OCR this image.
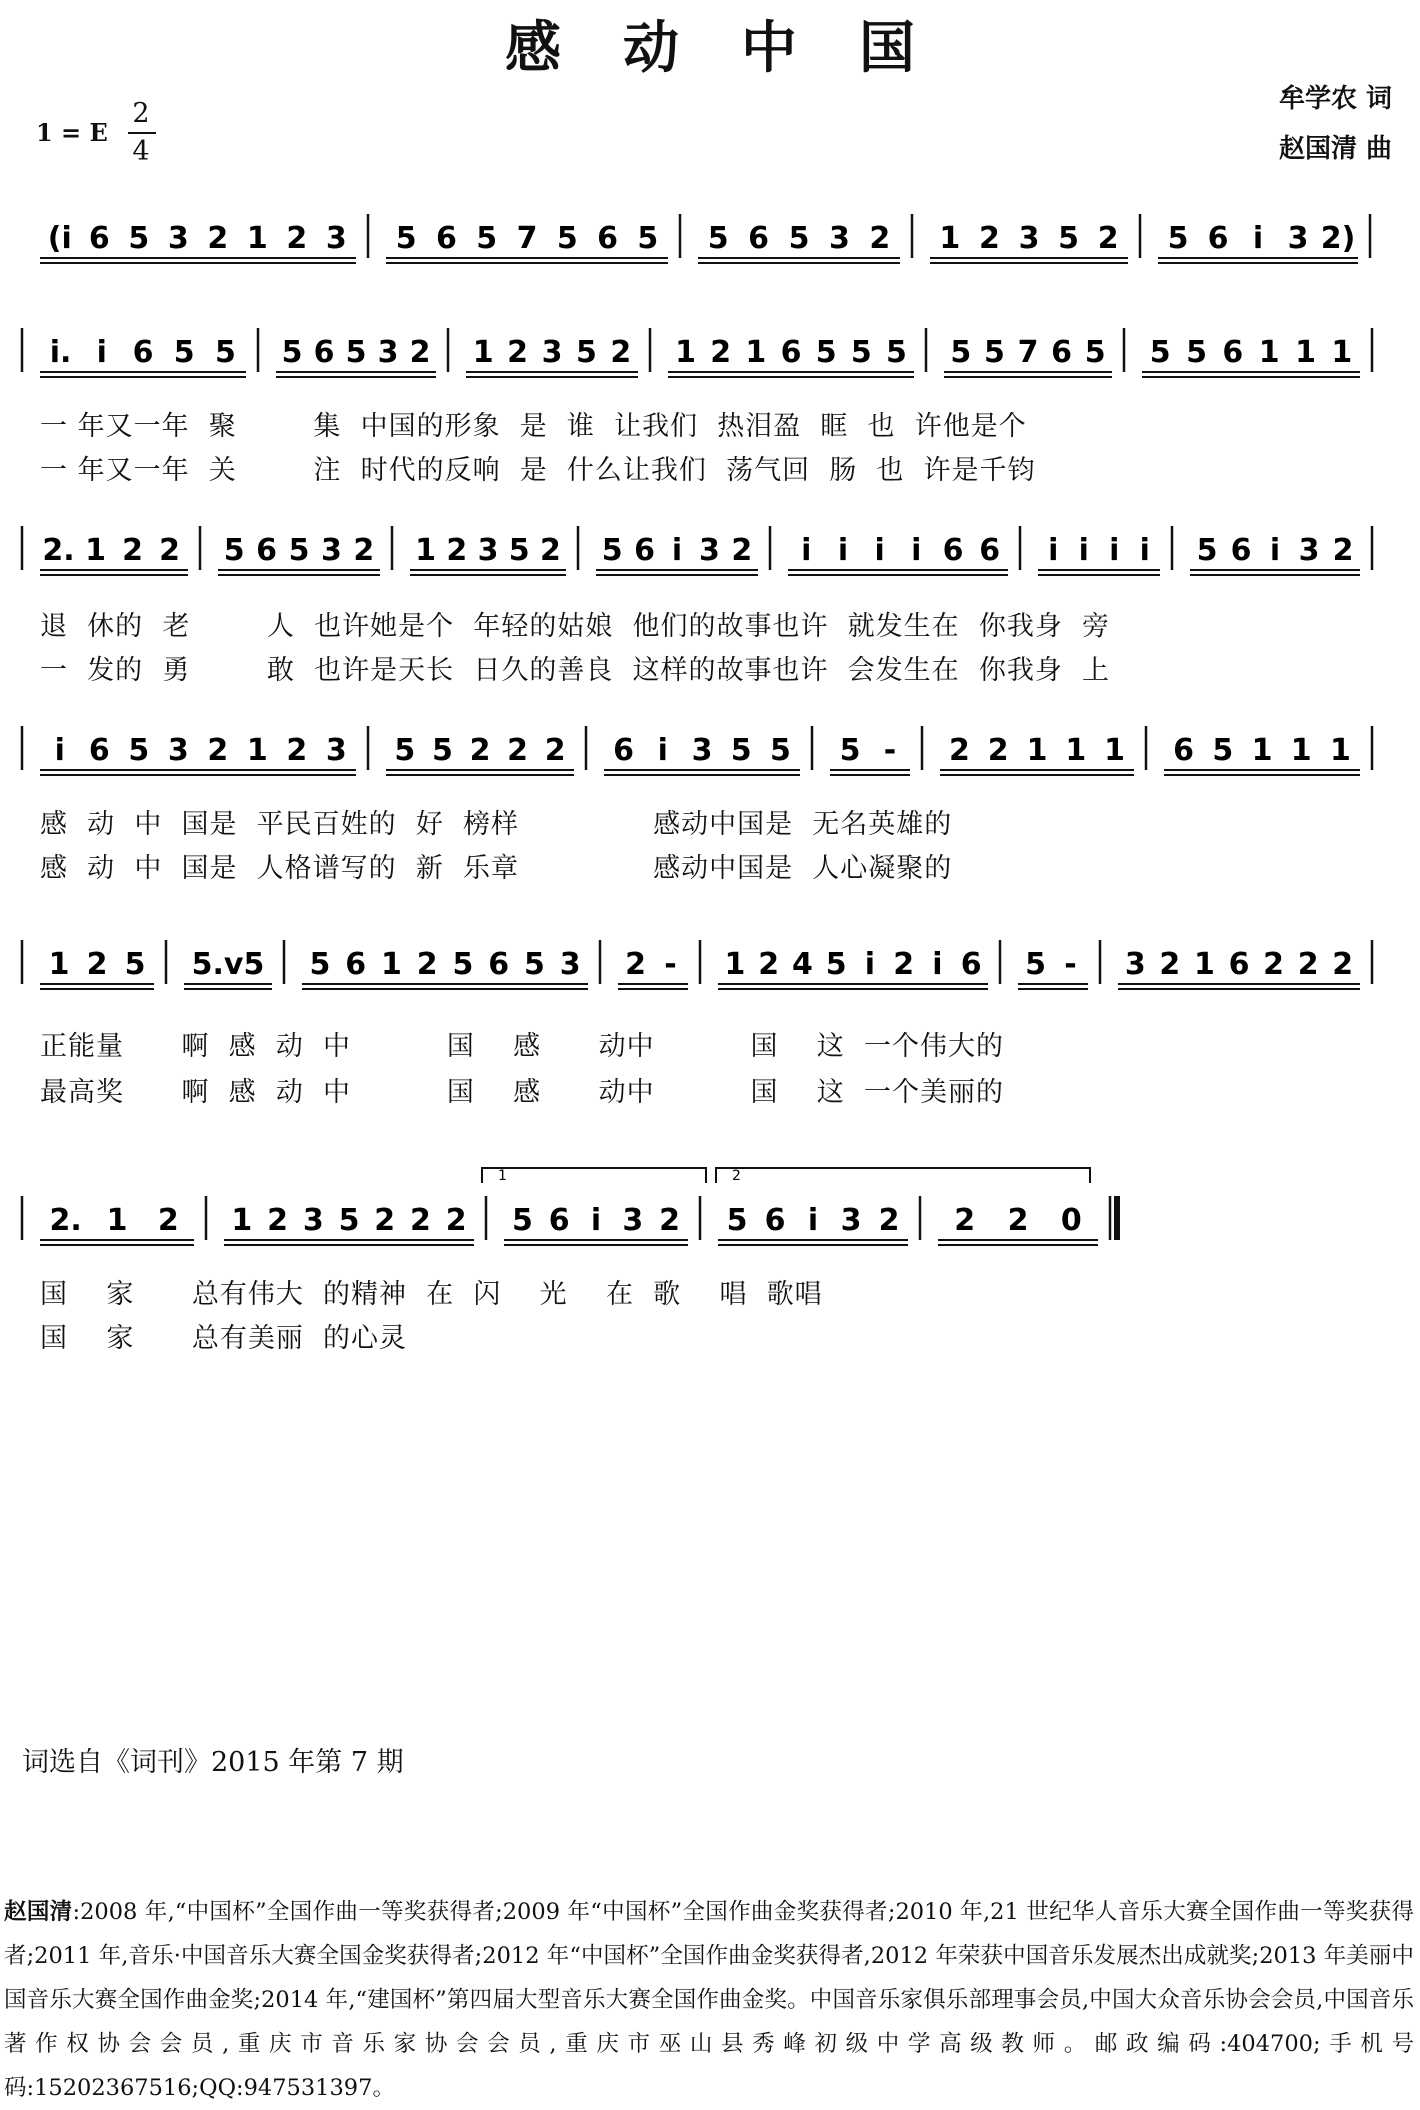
感动中国
牟学农 词
赵国清 曲
1 = E
2
4
(i 6 5 3 2 1 2 3 5 6 5 7 5 6 5 5 6 5 3 2 1 2 3 5 2 5 6 i 3 2)
i. i 6 5 5 5 6 5 3 2 1 2 3 5 2 1 2 1 6 5 5 5 5 5 7 6 5 5 5 6 1 1 1
2. 1 2 2 5 6 5 3 2 1 2 3 5 2 5 6 i 3 2 i i i i 6 6 i i i i 5 6 i 3 2
i 6 5 3 2 1 2 3 5 5 2 2 2 6 i 3 5 5 5 - 2 2 1 1 1 6 5 1 1 1
1 2 5 5.v5 5 6 1 2 5 6 5 3 2 - 1 2 4 5 i 2 i 6 5 - 3 2 1 6 2 2 2
2. 1 2 1 2 3 5 2 2 2 5 6 i 3 2 5 6 i 3 2 2 2 0
1	2
一 年又一年  聚        集  中国的形象  是  谁  让我们  热泪盈  眶  也  许他是个
一 年又一年  关        注  时代的反响  是  什么让我们  荡气回  肠  也  许是千钧
退  休的  老        人  也许她是个  年轻的姑娘  他们的故事也许  就发生在  你我身  旁
一  发的  勇        敢  也许是天长  日久的善良  这样的故事也许  会发生在  你我身  上
感  动  中  国是  平民百姓的  好  榜样              感动中国是  无名英雄的
感  动  中  国是  人格谱写的  新  乐章              感动中国是  人心凝聚的
正能量      啊  感  动  中          国    感      动中          国    这  一个伟大的
最高奖      啊  感  动  中          国    感      动中          国    这  一个美丽的
国    家      总有伟大  的精神  在  闪    光    在  歌    唱  歌唱
国    家      总有美丽  的心灵
词选自《词刊》2015 年第 7 期
赵国清:2008 年,“中国杯”全国作曲一等奖获得者;2009 年“中国杯”全国作曲金奖获得者;2010 年,21 世纪华人音乐大赛全国作曲一等奖获得者;2011 年,音乐·中国音乐大赛全国金奖获得者;2012 年“中国杯”全国作曲金奖获得者,2012 年荣获中国音乐发展杰出成就奖;2013 年美丽中国音乐大赛全国作曲金奖;2014 年,“建国杯”第四届大型音乐大赛全国作曲金奖。中国音乐家俱乐部理事会员,中国大众音乐协会会员,中国音乐著作权协会会员,重庆市音乐家协会会员,重庆市巫山县秀峰初级中学高级教师。邮政编码:404700;手机号码:15202367516;QQ:947531397。
